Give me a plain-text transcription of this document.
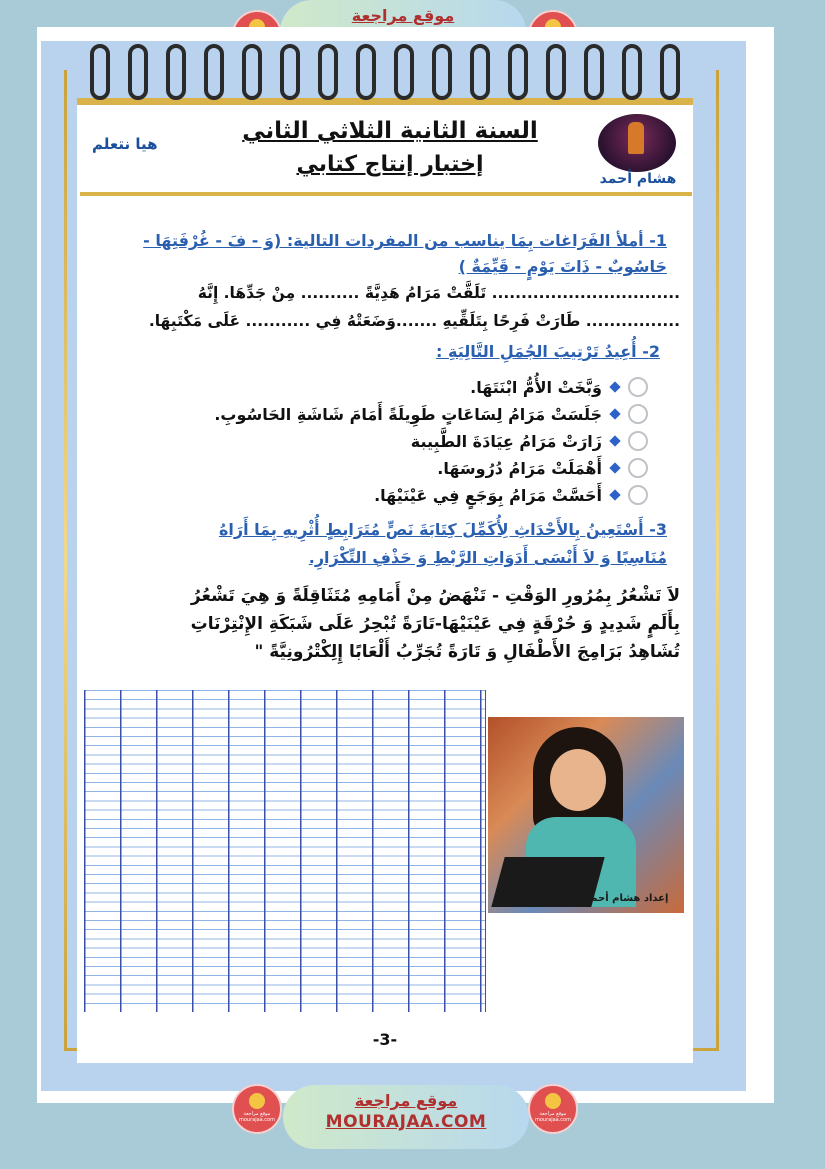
موقع مراجعة
السنة الثانية الثلاثي الثاني
إختبار إنتاج كتابي
هيا نتعلم
هشام أحمد
1- أملأ الفَرَاغات بِمَا يناسب من المفردات التالية: (وَ - فَ - غُرْفَتِهَا - حَاسُوبٌ - ذَاتَ يَوْمٍ - قَيِّمَةٌ )
................................ تَلَقَّتْ مَرَامُ هَدِيَّةً .......... مِنْ جَدِّهَا. إِنَّهُ
................ طَارَتْ فَرِحًا بِتَلَقِّيهِ .......وَضَعَتْهُ فِي ........... عَلَى مَكْتَبِهَا.
2- أُعِيدُ تَرْتِيبَ الجُمَلِ التَّالِيَةِ :
وَبَّخَتْ الأُمُّ ابْنَتَهَا.
جَلَسَتْ مَرَامُ لِسَاعَاتٍ طَوِيلَةً أَمَامَ شَاشَةِ الحَاسُوبِ.
زَارَتْ مَرَامُ عِيَادَةَ الطَّبِيبة
أَهْمَلَتْ مَرَامُ دُرُوسَهَا.
أَحَسَّتْ مَرَامُ بِوَجَعٍ فِي عَيْنَيْهَا.
3- أَسْتَعِينُ بِالأَحْدَاثِ لِأُكَمِّلَ كِتَابَةَ نَصٍّ مُتَرَابِطٍ أُثْرِيهِ بِمَا أَرَاهُ
مُنَاسِبًا وَ لاَ أَنْسَى أَدَوَاتِ الرَّبْطِ وَ حَذْفِ التِّكْرَارِ.
لاَ تَشْعُرُ بِمُرُورِ الوَقْتِ - تَنْهَضُ مِنْ أَمَامِهِ مُتَثَاقِلَةً وَ هِيَ تَشْعُرُ
بِأَلَمٍ شَدِيدٍ وَ حُرْقَةٍ فِي عَيْنَيْهَا-تَارَةً تُبْحِرُ عَلَى شَبَكَةِ الإِنْتِرْنَاتِ
تُشَاهِدُ بَرَامِجَ الأَطْفَالِ وَ تَارَةً تُجَرِّبُ أَلْعَابًا إِلِكْتْرُونِيَّةً "
إعداد هشام أحمد
-3-
موقع مراجعة mourajaa.com
موقع مراجعة
MOURAJAA.COM	موقع مراجعة mourajaa.com
